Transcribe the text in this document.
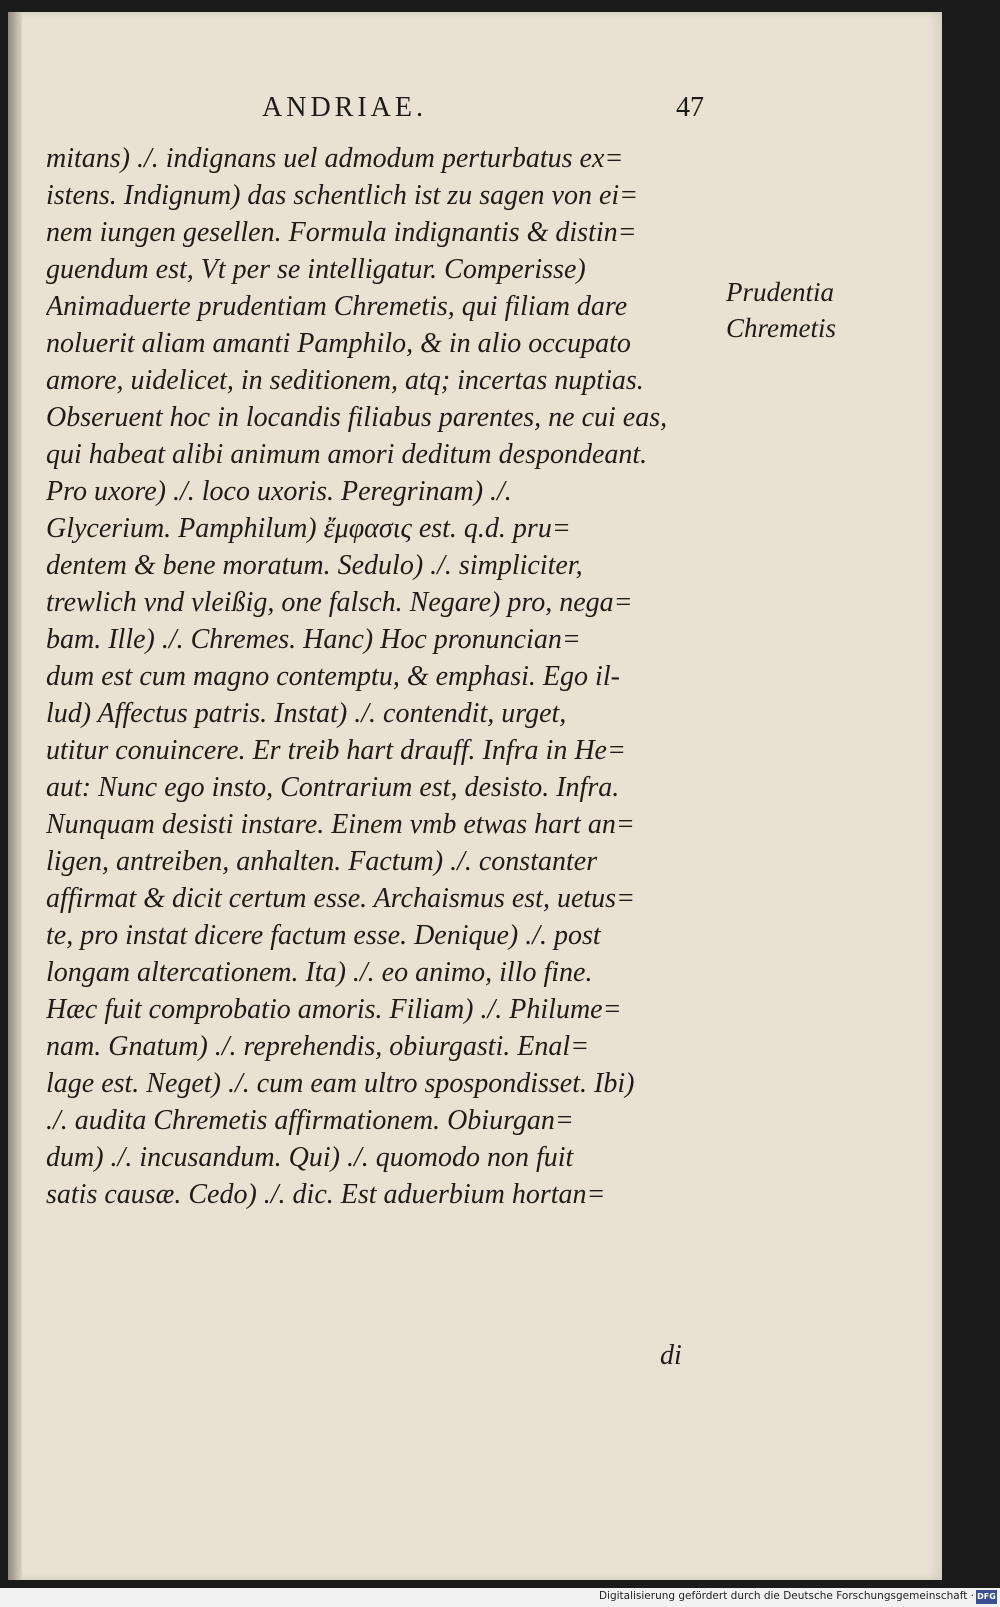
ANDRIAE.	47
mitans) ./. indignans uel admodum perturbatus ex=
istens. Indignum) das schentlich ist zu sagen von ei=
nem iungen gesellen. Formula indignantis & distin=
guendum est, Vt per se intelligatur. Comperisse)
Animaduerte prudentiam Chremetis, qui filiam dare
noluerit aliam amanti Pamphilo, & in alio occupato
amore, uidelicet, in seditionem, atq; incertas nuptias.
Obseruent hoc in locandis filiabus parentes, ne cui eas,
qui habeat alibi animum amori deditum despondeant.
Pro uxore) ./. loco uxoris. Peregrinam) ./.
Glycerium. Pamphilum) ἔμφασις est. q.d. pru=
dentem & bene moratum. Sedulo) ./. simpliciter,
trewlich vnd vleißig, one falsch. Negare) pro, nega=
bam. Ille) ./. Chremes. Hanc) Hoc pronuncian=
dum est cum magno contemptu, & emphasi. Ego il-
lud) Affectus patris. Instat) ./. contendit, urget,
utitur conuincere. Er treib hart drauff. Infra in He=
aut: Nunc ego insto, Contrarium est, desisto. Infra.
Nunquam desisti instare. Einem vmb etwas hart an=
ligen, antreiben, anhalten. Factum) ./. constanter
affirmat & dicit certum esse. Archaismus est, uetus=
te, pro instat dicere factum esse. Denique) ./. post
longam altercationem. Ita) ./. eo animo, illo fine.
Hæc fuit comprobatio amoris. Filiam) ./. Philume=
nam. Gnatum) ./. reprehendis, obiurgasti. Enal=
lage est. Neget) ./. cum eam ultro spospondisset. Ibi)
./. audita Chremetis affirmationem. Obiurgan=
dum) ./. incusandum. Qui) ./. quomodo non fuit
satis causæ. Cedo) ./. dic. Est aduerbium hortan=
di
Prudentia
Chremetis
Digitalisierung gefördert durch die Deutsche Forschungsgemeinschaft · DFG
